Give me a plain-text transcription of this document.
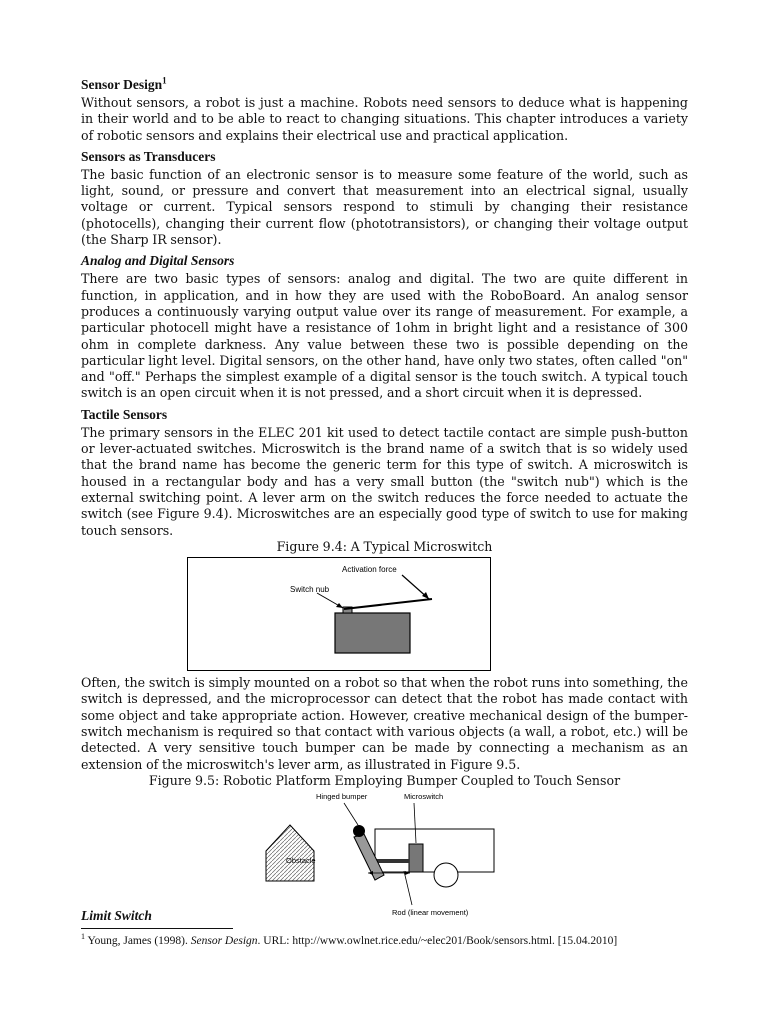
Sensor Design$^1$

Without sensors, a robot is just a machine. Robots need sensors to deduce what is happening in their world and to be able to react to changing situations. This chapter introduces a variety of robotic sensors and explains their electrical use and practical application.

Sensors as Transducers

The basic function of an electronic sensor is to measure some feature of the world, such as light, sound, or pressure and convert that measurement into an electrical signal, usually voltage or current. Typical sensors respond to stimuli by changing their resistance (photocells), changing their current flow (phototransistors), or changing their voltage output (the Sharp IR sensor).

Analog and Digital Sensors

There are two basic types of sensors: analog and digital. The two are quite different in function, in application, and in how they are used with the RoboBoard. An analog sensor produces a continuously varying output value over its range of measurement. For example, a particular photocell might have a resistance of 1ohm in bright light and a resistance of 300 ohm in complete darkness. Any value between these two is possible depending on the particular light level. Digital sensors, on the other hand, have only two states, often called "on" and "off." Perhaps the simplest example of a digital sensor is the touch switch. A typical touch switch is an open circuit when it is not pressed, and a short circuit when it is depressed.

Tactile Sensors

The primary sensors in the ELEC 201 kit used to detect tactile contact are simple push-button or lever-actuated switches. Microswitch is the brand name of a switch that is so widely used that the brand name has become the generic term for this type of switch. A microswitch is housed in a rectangular body and has a very small button (the "switch nub") which is the external switching point. A lever arm on the switch reduces the force needed to actuate the switch (see Figure 9.4). Microswitches are an especially good type of switch to use for making touch sensors.

Figure 9.4: A Typical Microswitch

Activation force
Switch nub

Often, the switch is simply mounted on a robot so that when the robot runs into something, the switch is depressed, and the microprocessor can detect that the robot has made contact with some object and take appropriate action. However, creative mechanical design of the bumper-switch mechanism is required so that contact with various objects (a wall, a robot, etc.) will be detected. A very sensitive touch bumper can be made by connecting a mechanism as an extension of the microswitch's lever arm, as illustrated in Figure 9.5.

Figure 9.5: Robotic Platform Employing Bumper Coupled to Touch Sensor

Obstacle
Hinged bumper	Microswitch
Rod (linear movement)
Limit Switch
$^1$ Young, James (1998). Sensor Design. URL: http://www.owlnet.rice.edu/~elec201/Book/sensors.html. [15.04.2010]
